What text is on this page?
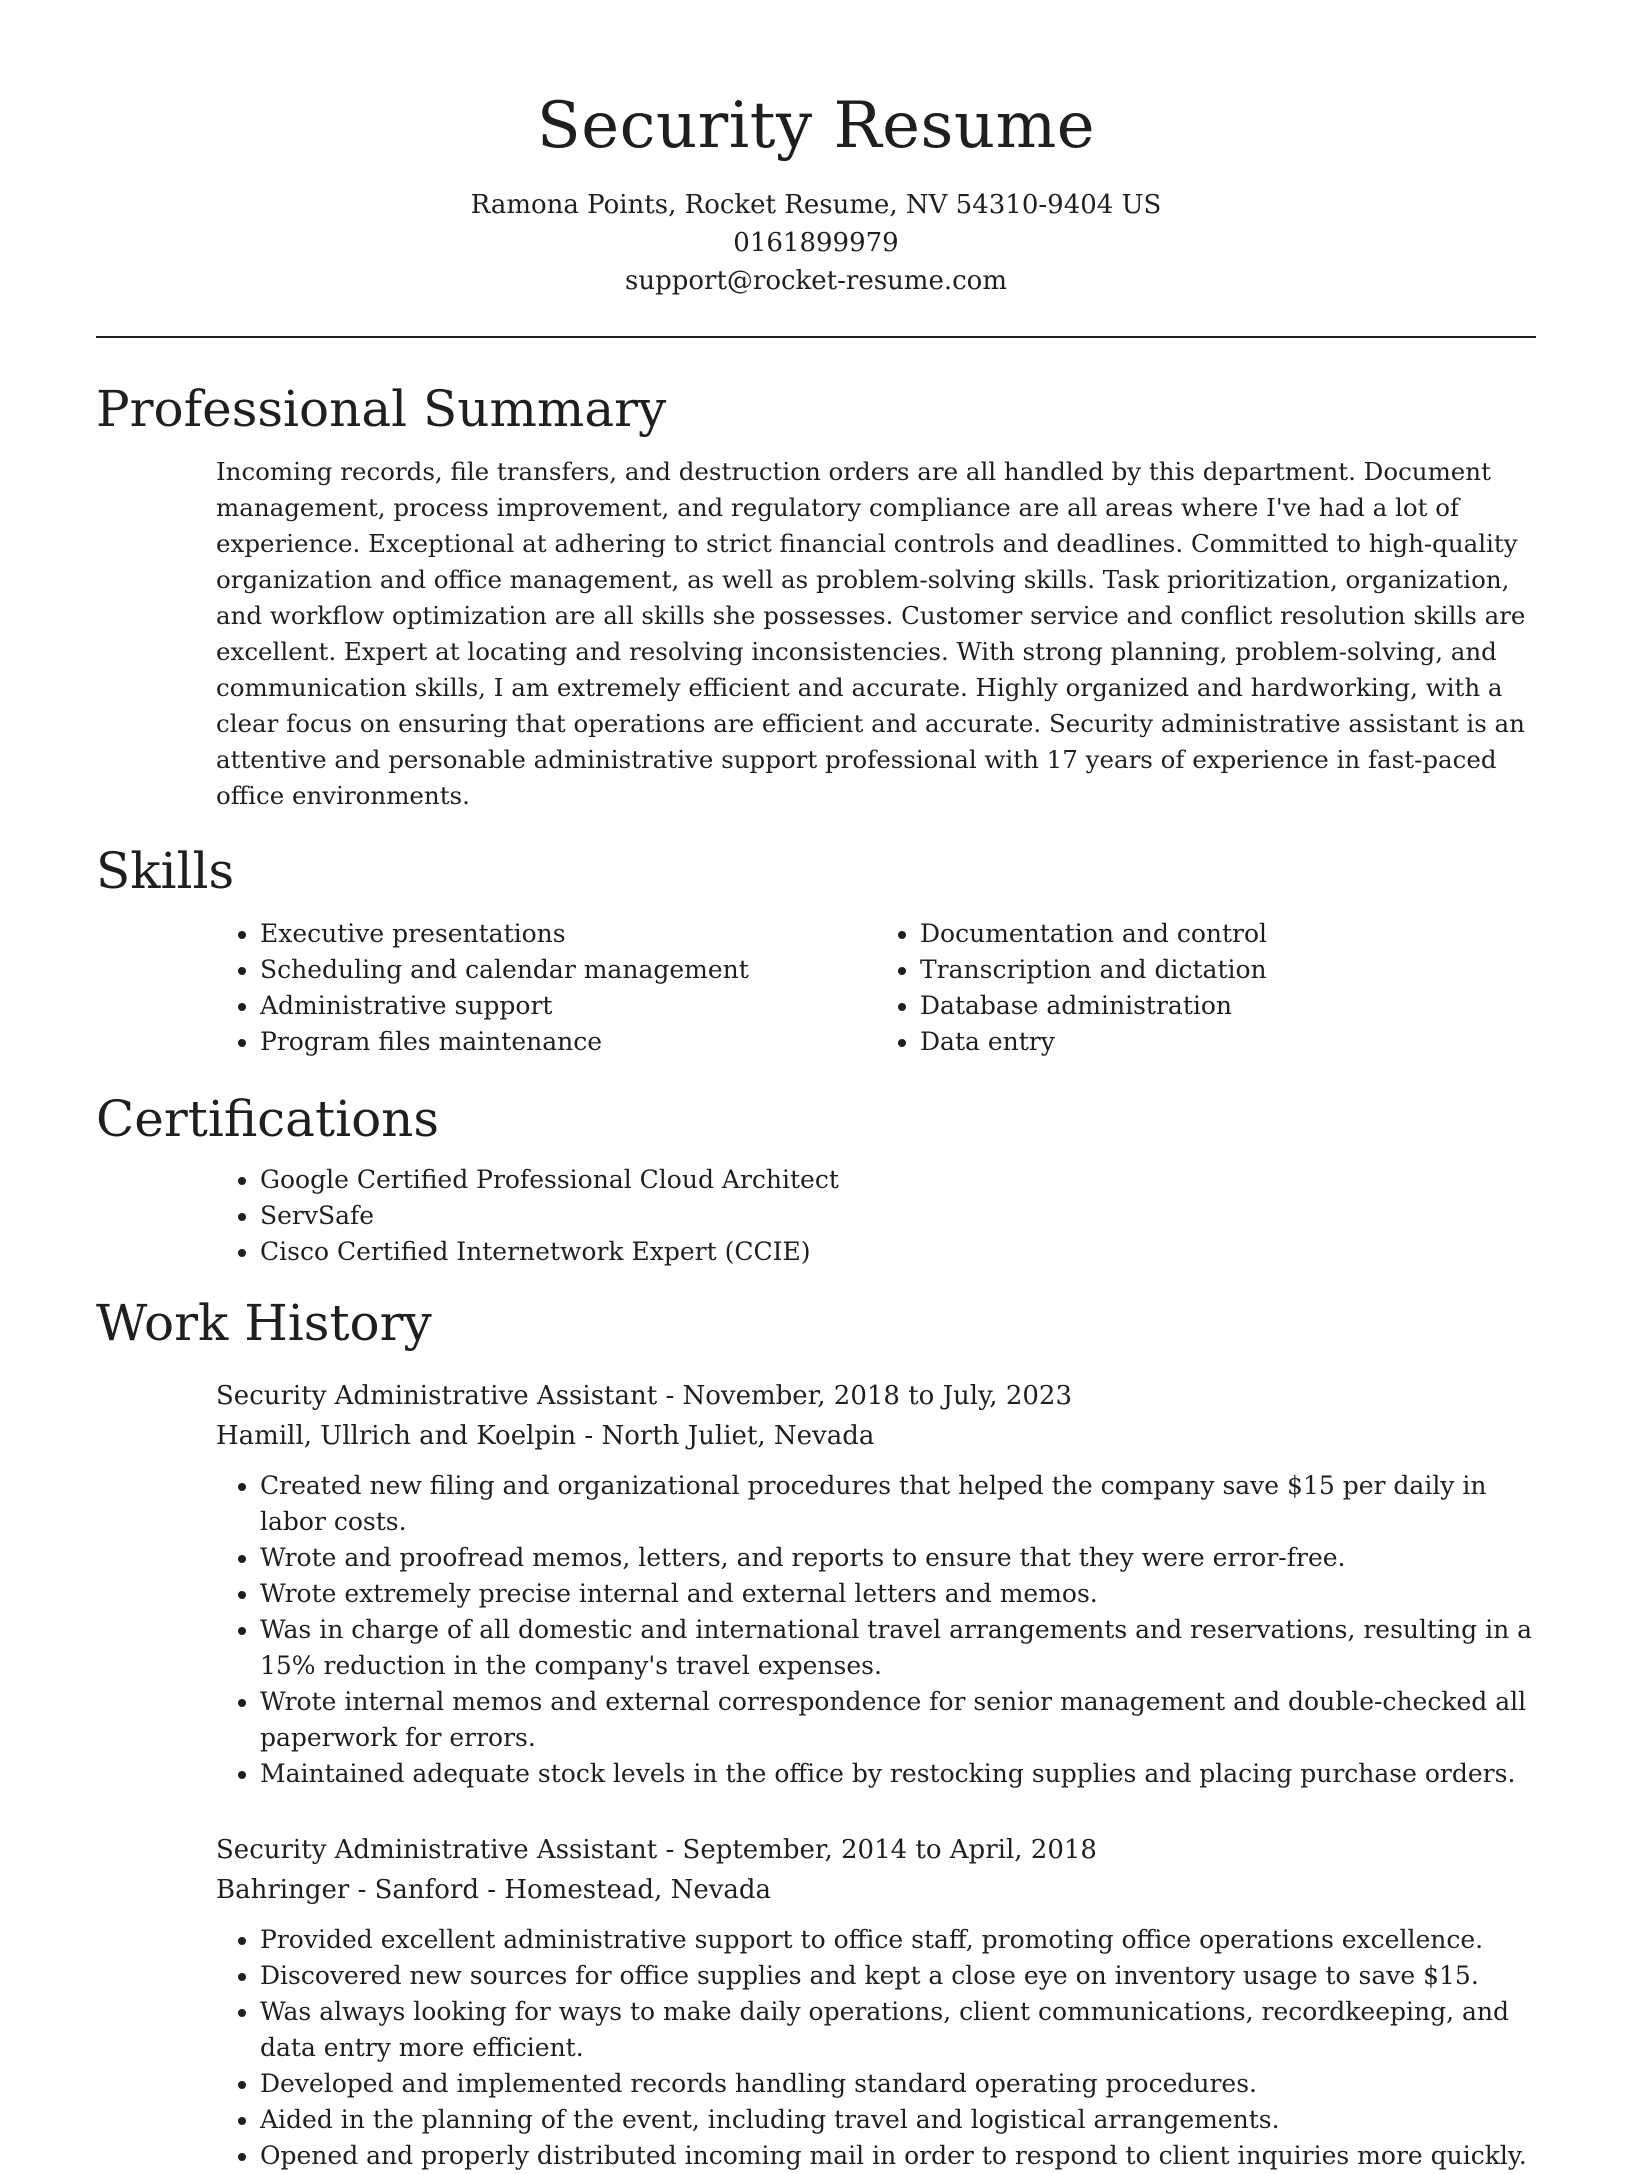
Security Resume
Ramona Points, Rocket Resume, NV 54310-9404 US
0161899979
support@rocket-resume.com
Professional Summary

Incoming records, file transfers, and destruction orders are all handled by this department. Document management, process improvement, and regulatory compliance are all areas where I've had a lot of experience. Exceptional at adhering to strict financial controls and deadlines. Committed to high-quality organization and office management, as well as problem-solving skills. Task prioritization, organization, and workflow optimization are all skills she possesses. Customer service and conflict resolution skills are excellent. Expert at locating and resolving inconsistencies. With strong planning, problem-solving, and communication skills, I am extremely efficient and accurate. Highly organized and hardworking, with a clear focus on ensuring that operations are efficient and accurate. Security administrative assistant is an attentive and personable administrative support professional with 17 years of experience in fast-paced office environments.

Skills
• Executive presentations
• Scheduling and calendar management
• Administrative support
• Program files maintenance
• Documentation and control
• Transcription and dictation
• Database administration
• Data entry
Certifications
• Google Certified Professional Cloud Architect
• ServSafe
• Cisco Certified Internetwork Expert (CCIE)
Work History
Security Administrative Assistant - November, 2018 to July, 2023
Hamill, Ullrich and Koelpin - North Juliet, Nevada
• Created new filing and organizational procedures that helped the company save $15 per daily in labor costs.
• Wrote and proofread memos, letters, and reports to ensure that they were error-free.
• Wrote extremely precise internal and external letters and memos.
• Was in charge of all domestic and international travel arrangements and reservations, resulting in a 15% reduction in the company's travel expenses.
• Wrote internal memos and external correspondence for senior management and double-checked all paperwork for errors.
• Maintained adequate stock levels in the office by restocking supplies and placing purchase orders.
Security Administrative Assistant - September, 2014 to April, 2018
Bahringer - Sanford - Homestead, Nevada
• Provided excellent administrative support to office staff, promoting office operations excellence.
• Discovered new sources for office supplies and kept a close eye on inventory usage to save $15.
• Was always looking for ways to make daily operations, client communications, recordkeeping, and data entry more efficient.
• Developed and implemented records handling standard operating procedures.
• Aided in the planning of the event, including travel and logistical arrangements.
• Opened and properly distributed incoming mail in order to respond to client inquiries more quickly.
